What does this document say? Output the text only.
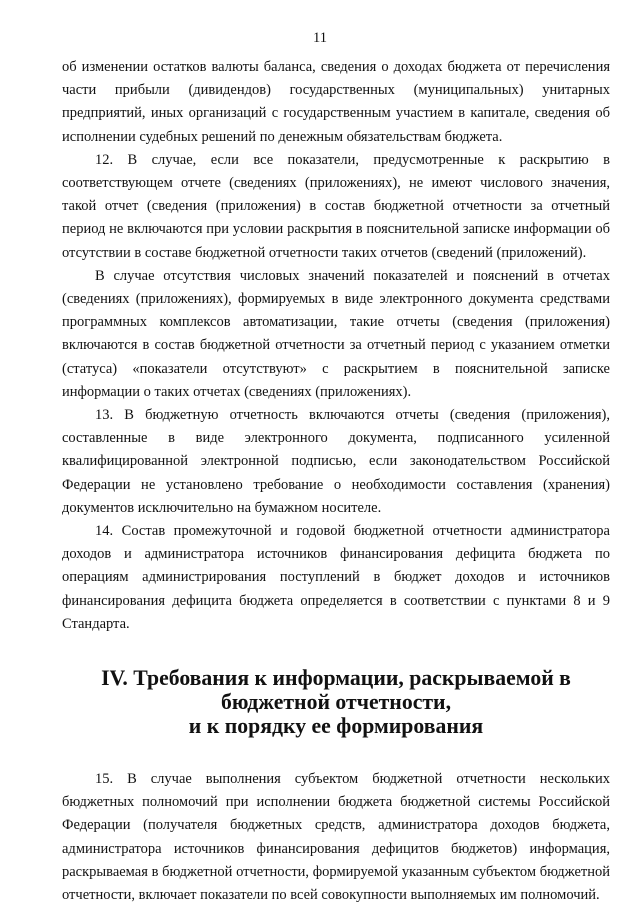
11

об изменении остатков валюты баланса, сведения о доходах бюджета от перечисления части прибыли (дивидендов) государственных (муниципальных) унитарных предприятий, иных организаций с государственным участием в капитале, сведения об исполнении судебных решений по денежным обязательствам бюджета.

12. В случае, если все показатели, предусмотренные к раскрытию в соответствующем отчете (сведениях (приложениях), не имеют числового значения, такой отчет (сведения (приложения) в состав бюджетной отчетности за отчетный период не включаются при условии раскрытия в пояснительной записке информации об отсутствии в составе бюджетной отчетности таких отчетов (сведений (приложений).

В случае отсутствия числовых значений показателей и пояснений в отчетах (сведениях (приложениях), формируемых в виде электронного документа средствами программных комплексов автоматизации, такие отчеты (сведения (приложения) включаются в состав бюджетной отчетности за отчетный период с указанием отметки (статуса) «показатели отсутствуют» с раскрытием в пояснительной записке информации о таких отчетах (сведениях (приложениях).

13. В бюджетную отчетность включаются отчеты (сведения (приложения), составленные в виде электронного документа, подписанного усиленной квалифицированной электронной подписью, если законодательством Российской Федерации не установлено требование о необходимости составления (хранения) документов исключительно на бумажном носителе.

14. Состав промежуточной и годовой бюджетной отчетности администратора доходов и администратора источников финансирования дефицита бюджета по операциям администрирования поступлений в бюджет доходов и источников финансирования дефицита бюджета определяется в соответствии с пунктами 8 и 9 Стандарта.

IV. Требования к информации, раскрываемой в бюджетной отчетности,
и к порядку ее формирования

15. В случае выполнения субъектом бюджетной отчетности нескольких бюджетных полномочий при исполнении бюджета бюджетной системы Российской Федерации (получателя бюджетных средств, администратора доходов бюджета, администратора источников финансирования дефицитов бюджетов) информация, раскрываемая в бюджетной отчетности, формируемой указанным субъектом бюджетной отчетности, включает показатели по всей совокупности выполняемых им полномочий.
